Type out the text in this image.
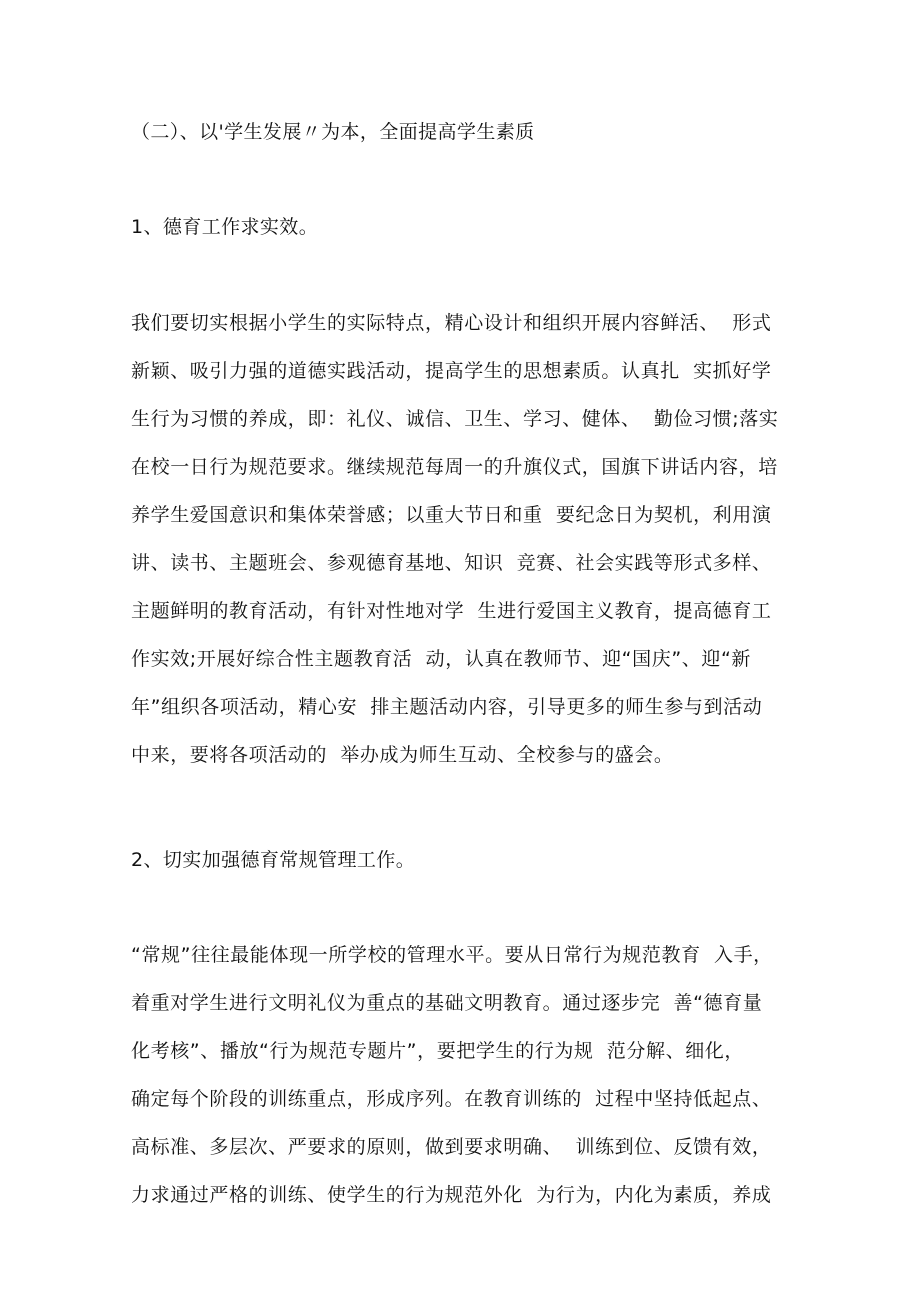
（二）、以'学生发展〃为本，全面提高学生素质
1、德育工作求实效。
我们要切实根据小学生的实际特点，精心设计和组织开展内容鲜活、  形式
新颖、吸引力强的道德实践活动，提高学生的思想素质。认真扎  实抓好学
生行为习惯的养成，即：礼仪、诚信、卫生、学习、健体、  勤俭习惯;落实
在校一日行为规范要求。继续规范每周一的升旗仪式，国旗下讲话内容，培
养学生爱国意识和集体荣誉感；以重大节日和重  要纪念日为契机，利用演
讲、读书、主题班会、参观德育基地、知识  竞赛、社会实践等形式多样、
主题鲜明的教育活动，有针对性地对学  生进行爱国主义教育，提高德育工
作实效;开展好综合性主题教育活  动，认真在教师节、迎“国庆”、迎“新
年”组织各项活动，精心安  排主题活动内容，引导更多的师生参与到活动
中来，要将各项活动的  举办成为师生互动、全校参与的盛会。
2、切实加强德育常规管理工作。
“常规”往往最能体现一所学校的管理水平。要从日常行为规范教育  入手，
着重对学生进行文明礼仪为重点的基础文明教育。通过逐步完  善“德育量
化考核”、播放“行为规范专题片”，要把学生的行为规  范分解、细化，
确定每个阶段的训练重点，形成序列。在教育训练的  过程中坚持低起点、
高标准、多层次、严要求的原则，做到要求明确、  训练到位、反馈有效，
力求通过严格的训练、使学生的行为规范外化  为行为，内化为素质，养成
